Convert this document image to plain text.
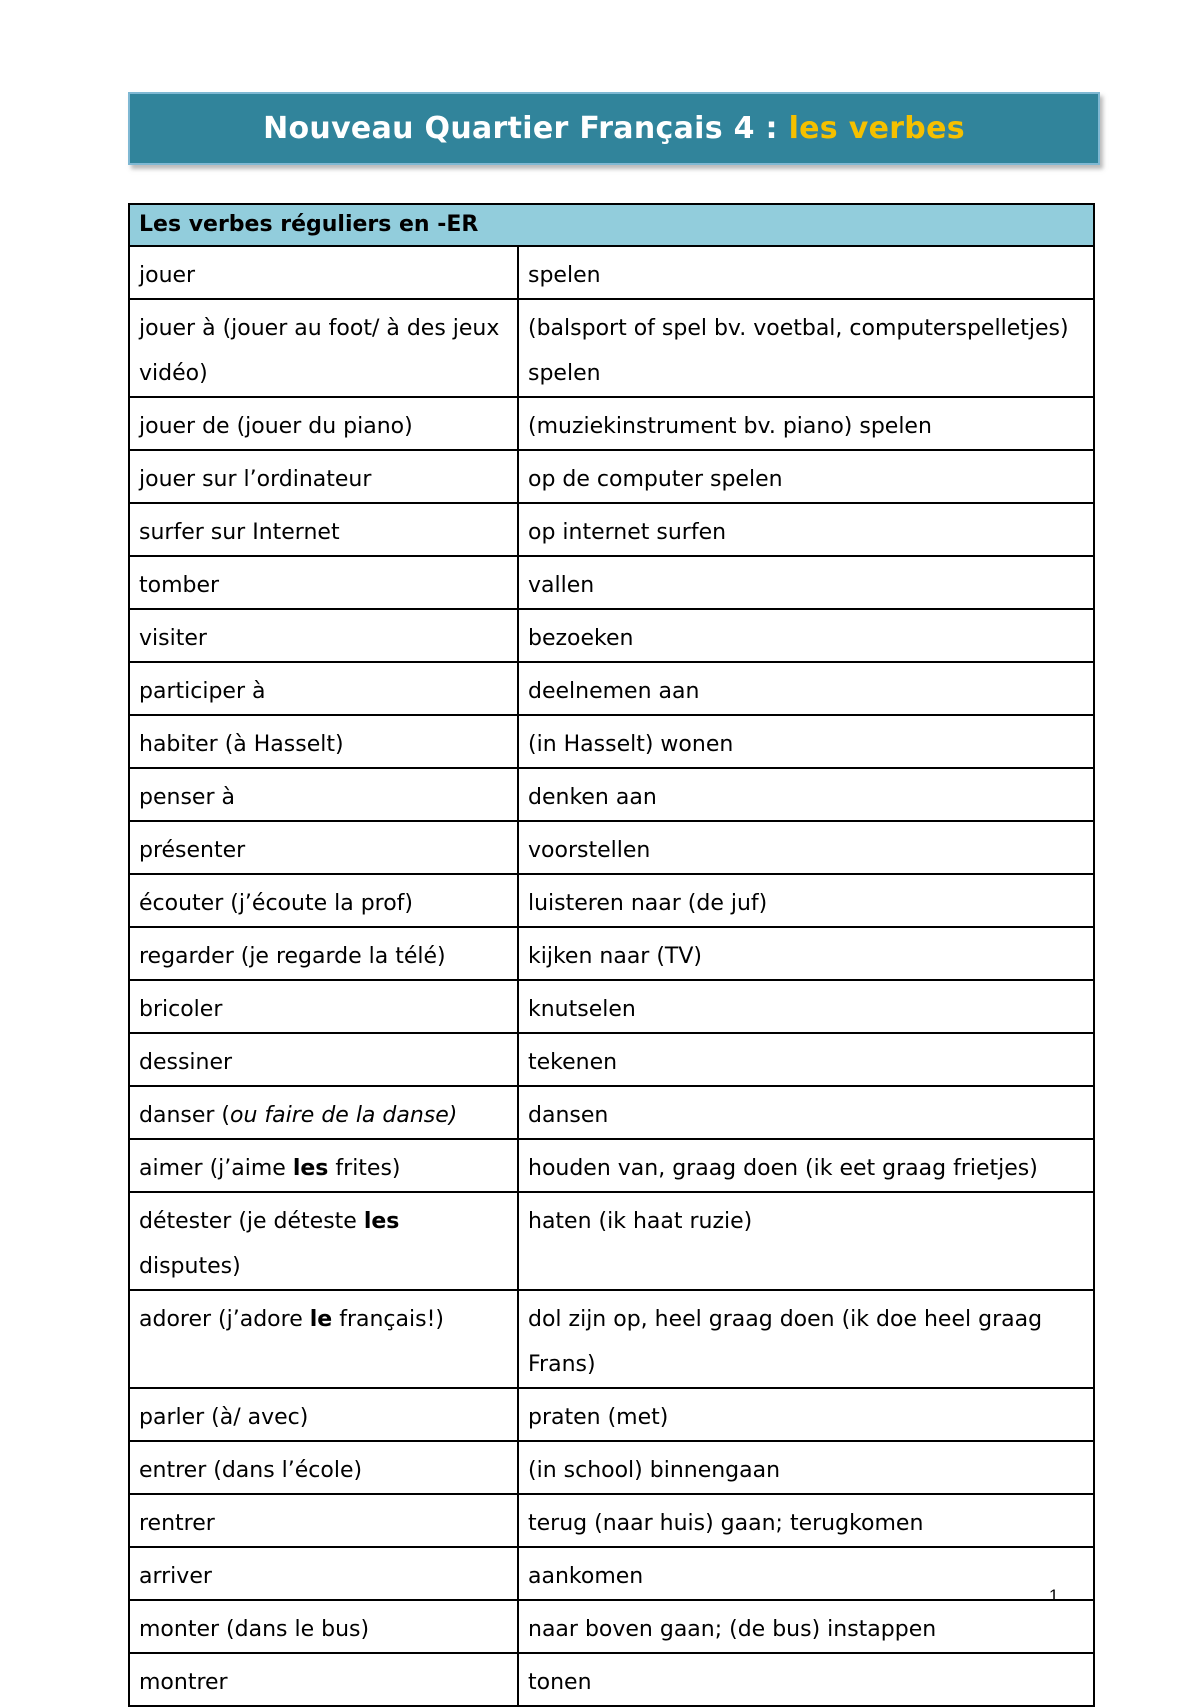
Nouveau Quartier Français 4 : les verbes
Les verbes réguliers en -ER	
jouer	spelen
jouer à (jouer au foot/ à des jeux vidéo)	(balsport of spel bv. voetbal, computerspelletjes) spelen
jouer de (jouer du piano)	(muziekinstrument bv. piano) spelen
jouer sur l’ordinateur	op de computer spelen
surfer sur Internet	op internet surfen
tomber	vallen
visiter	bezoeken
participer à	deelnemen aan
habiter (à Hasselt)	(in Hasselt) wonen
penser à	denken aan
présenter	voorstellen
écouter (j’écoute la prof)	luisteren naar (de juf)
regarder (je regarde la télé)	kijken naar (TV)
bricoler	knutselen
dessiner	tekenen
danser (ou faire de la danse)	dansen
aimer (j’aime les frites)	houden van, graag doen (ik eet graag frietjes)
détester (je déteste les disputes)	haten (ik haat ruzie)
adorer (j’adore le français!)	dol zijn op, heel graag doen (ik doe heel graag Frans)
parler (à/ avec)	praten (met)
entrer (dans l’école)	(in school) binnengaan
rentrer	terug (naar huis) gaan; terugkomen
arriver	aankomen
monter (dans le bus)	naar boven gaan; (de bus) instappen
montrer	tonen
1
